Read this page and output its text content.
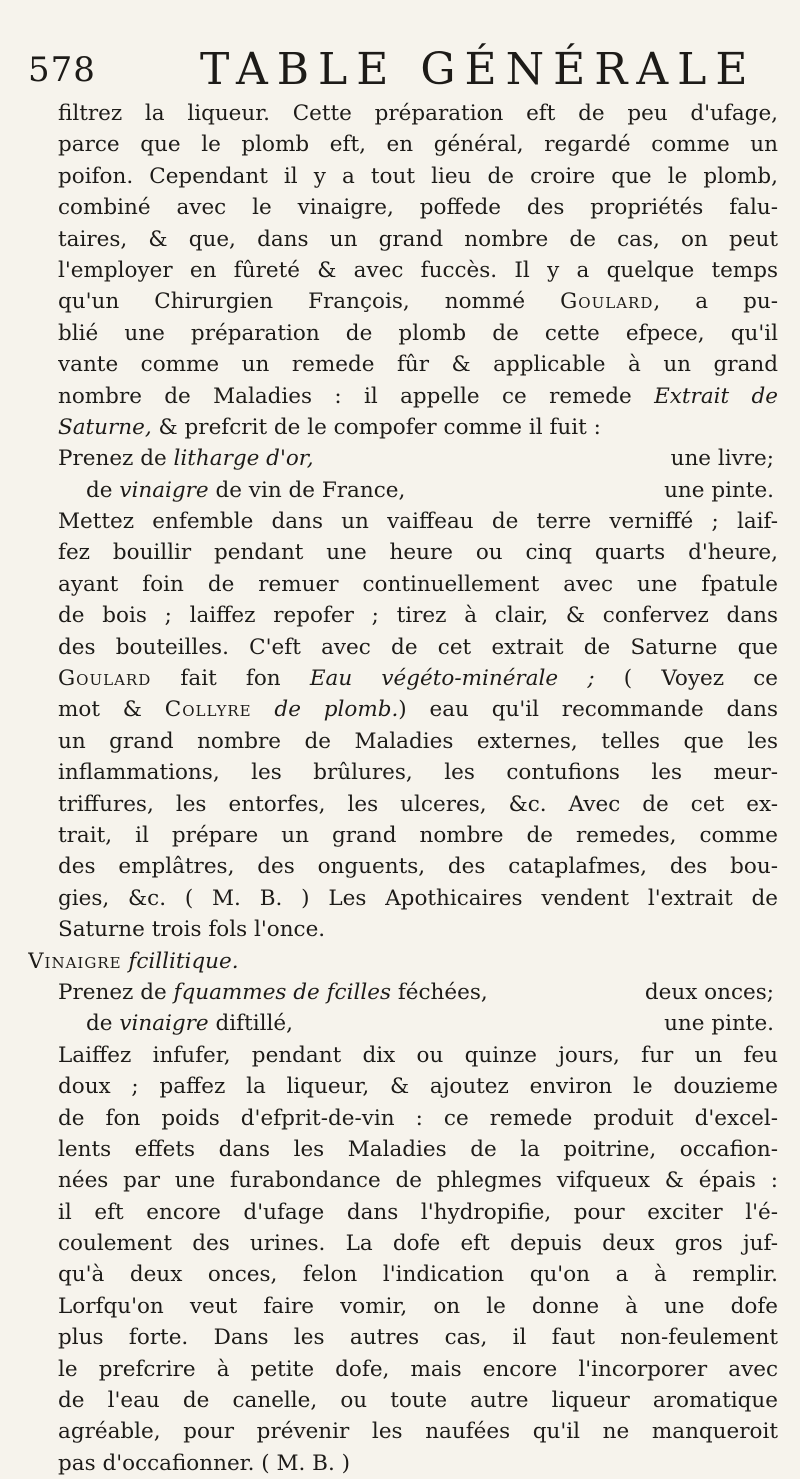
578 TABLE GÉNÉRALE
filtrez la liqueur. Cette préparation eft de peu d'ufage,
parce que le plomb eft, en général, regardé comme un
poifon. Cependant il y a tout lieu de croire que le plomb,
combiné avec le vinaigre, poffede des propriétés falu-
taires, & que, dans un grand nombre de cas, on peut
l'employer en fûreté & avec fuccès. Il y a quelque temps
qu'un Chirurgien François, nommé Goulard, a pu-
blié une préparation de plomb de cette efpece, qu'il
vante comme un remede fûr & applicable à un grand
nombre de Maladies : il appelle ce remede Extrait de
Saturne, & prefcrit de le compofer comme il fuit :
Prenez de litharge d'or,	une livre;
de vinaigre de vin de France,	une pinte.
Mettez enfemble dans un vaiffeau de terre verniffé ; laif-
fez bouillir pendant une heure ou cinq quarts d'heure,
ayant foin de remuer continuellement avec une fpatule
de bois ; laiffez repofer ; tirez à clair, & confervez dans
des bouteilles. C'eft avec de cet extrait de Saturne que
Goulard fait fon Eau végéto-minérale ; ( Voyez ce
mot & Collyre de plomb.) eau qu'il recommande dans
un grand nombre de Maladies externes, telles que les
inflammations, les brûlures, les contufions les meur-
triffures, les entorfes, les ulceres, &c. Avec de cet ex-
trait, il prépare un grand nombre de remedes, comme
des emplâtres, des onguents, des cataplafmes, des bou-
gies, &c. ( M. B. ) Les Apothicaires vendent l'extrait de
Saturne trois fols l'once.
Vinaigre fcillitique.
Prenez de fquammes de fcilles féchées,	deux onces;
de vinaigre diftillé,	une pinte.
Laiffez infufer, pendant dix ou quinze jours, fur un feu
doux ; paffez la liqueur, & ajoutez environ le douzieme
de fon poids d'efprit-de-vin : ce remede produit d'excel-
lents effets dans les Maladies de la poitrine, occafion-
nées par une furabondance de phlegmes vifqueux & épais :
il eft encore d'ufage dans l'hydropifie, pour exciter l'é-
coulement des urines. La dofe eft depuis deux gros juf-
qu'à deux onces, felon l'indication qu'on a à remplir.
Lorfqu'on veut faire vomir, on le donne à une dofe
plus forte. Dans les autres cas, il faut non-feulement
le prefcrire à petite dofe, mais encore l'incorporer avec
de l'eau de canelle, ou toute autre liqueur aromatique
agréable, pour prévenir les naufées qu'il ne manqueroit
pas d'occafionner. ( M. B. )
